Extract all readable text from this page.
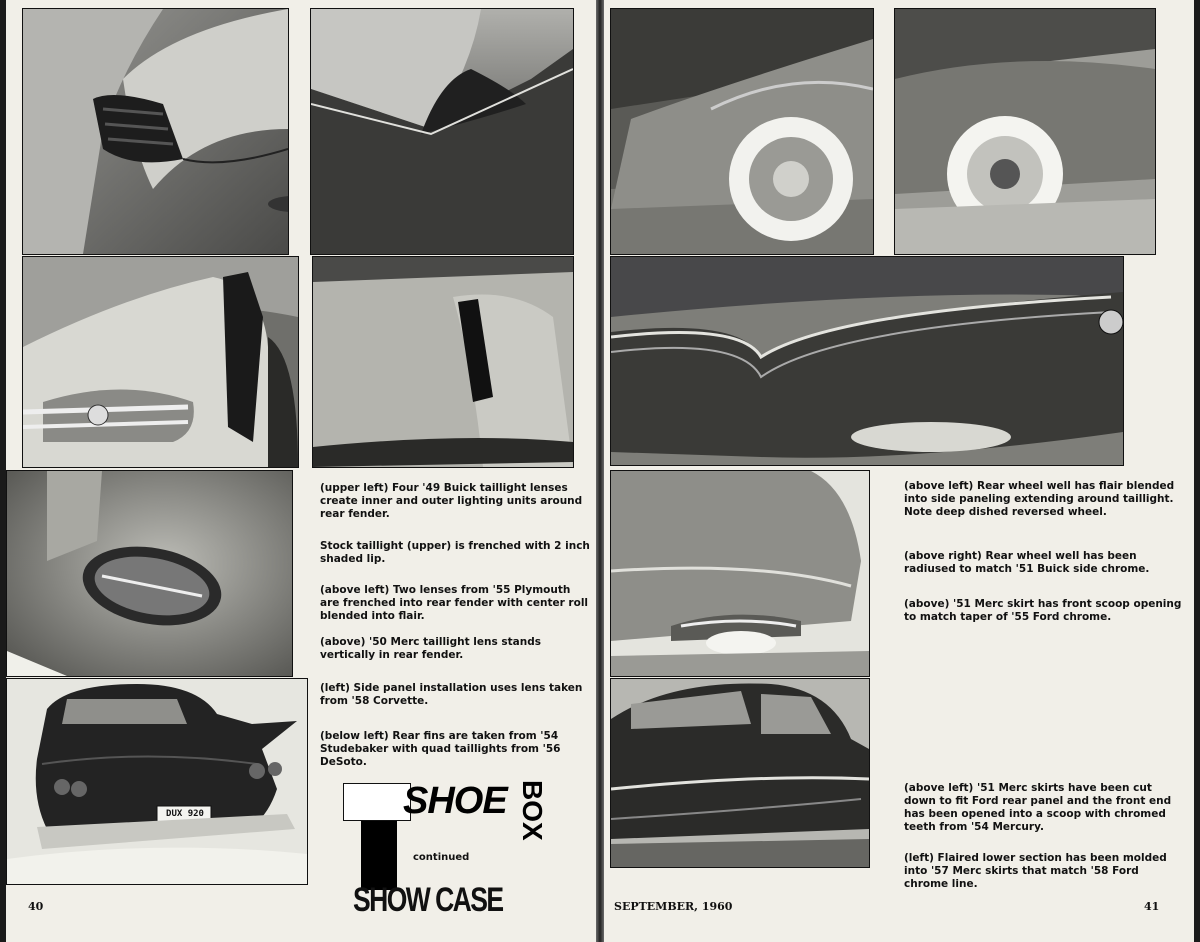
DUX 920

(upper left) Four '49 Buick taillight lenses create inner and outer lighting units around rear fender.

Stock taillight (upper) is frenched with 2 inch shaded lip.

(above left) Two lenses from '55 Plymouth are frenched into rear fender with center roll blended into flair.

(above) '50 Merc taillight lens stands vertically in rear fender.

(left) Side panel installation uses lens taken from '58 Corvette.

(below left) Rear fins are taken from '54 Studebaker with quad taillights from '56 DeSoto.

SHOE BOX
continued
SHOW CASE
40

(above left) Rear wheel well has flair blended into side paneling extending around taillight. Note deep dished reversed wheel.

(above right) Rear wheel well has been radiused to match '51 Buick side chrome.

(above) '51 Merc skirt has front scoop opening to match taper of '55 Ford chrome.

(above left) '51 Merc skirts have been cut down to fit Ford rear panel and the front end has been opened into a scoop with chromed teeth from '54 Mercury.

(left) Flaired lower section has been molded into '57 Merc skirts that match '58 Ford chrome line.

SEPTEMBER, 1960	41
